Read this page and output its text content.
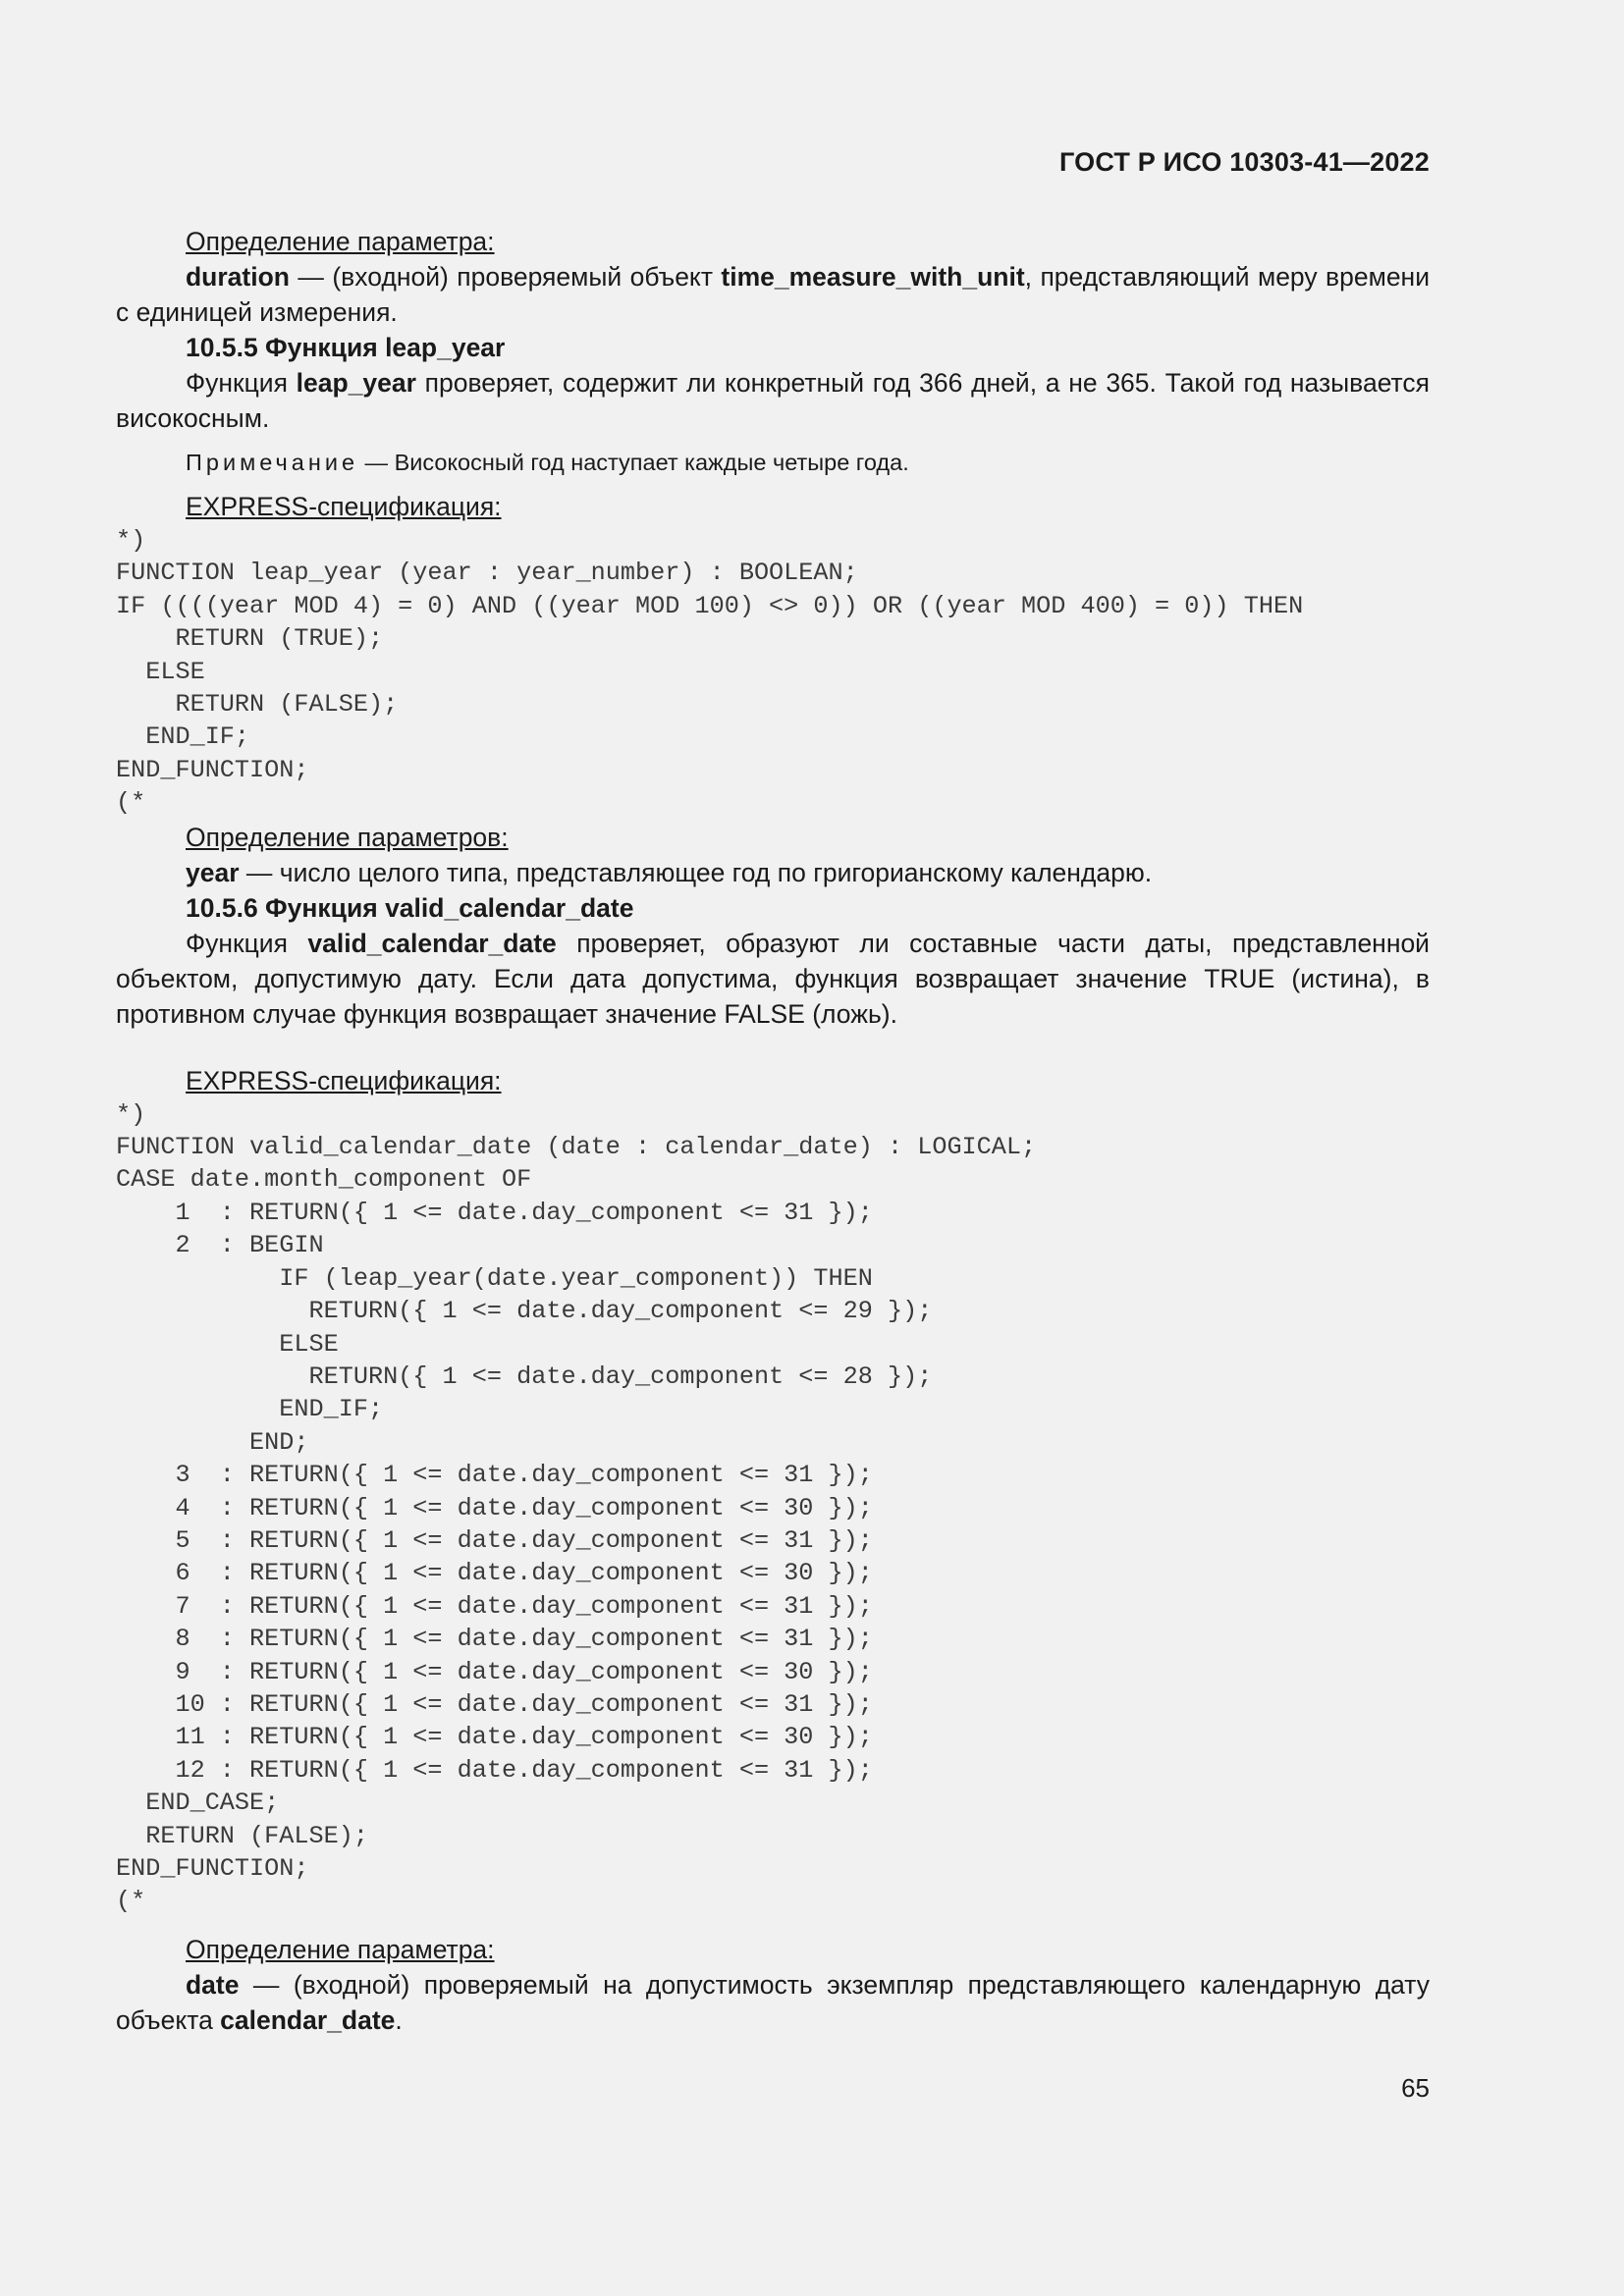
ГОСТ Р ИСО 10303-41—2022

Определение параметра:

duration — (входной) проверяемый объект time_measure_with_unit, представляющий меру времени с единицей измерения.

10.5.5 Функция leap_year

Функция leap_year проверяет, содержит ли конкретный год 366 дней, а не 365. Такой год называется високосным.

Примечание — Високосный год наступает каждые четыре года.

EXPRESS-спецификация:

*)
FUNCTION leap_year (year : year_number) : BOOLEAN;
IF ((((year MOD 4) = 0) AND ((year MOD 100) <> 0)) OR ((year MOD 400) = 0)) THEN
RETURN (TRUE);
ELSE
RETURN (FALSE);
END_IF;
END_FUNCTION;
(*

Определение параметров:

year — число целого типа, представляющее год по григорианскому календарю.

10.5.6 Функция valid_calendar_date

Функция valid_calendar_date проверяет, образуют ли составные части даты, представленной объектом, допустимую дату. Если дата допустима, функция возвращает значение TRUE (истина), в противном случае функция возвращает значение FALSE (ложь).

EXPRESS-спецификация:

*)
FUNCTION valid_calendar_date (date : calendar_date) : LOGICAL;
CASE date.month_component OF
1  : RETURN({ 1 <= date.day_component <= 31 });
2  : BEGIN
IF (leap_year(date.year_component)) THEN
RETURN({ 1 <= date.day_component <= 29 });
ELSE
RETURN({ 1 <= date.day_component <= 28 });
END_IF;
END;
3  : RETURN({ 1 <= date.day_component <= 31 });
4  : RETURN({ 1 <= date.day_component <= 30 });
5  : RETURN({ 1 <= date.day_component <= 31 });
6  : RETURN({ 1 <= date.day_component <= 30 });
7  : RETURN({ 1 <= date.day_component <= 31 });
8  : RETURN({ 1 <= date.day_component <= 31 });
9  : RETURN({ 1 <= date.day_component <= 30 });
10 : RETURN({ 1 <= date.day_component <= 31 });
11 : RETURN({ 1 <= date.day_component <= 30 });
12 : RETURN({ 1 <= date.day_component <= 31 });
END_CASE;
RETURN (FALSE);
END_FUNCTION;
(*

Определение параметра:

date — (входной) проверяемый на допустимость экземпляр представляющего календарную дату объекта calendar_date.

65
